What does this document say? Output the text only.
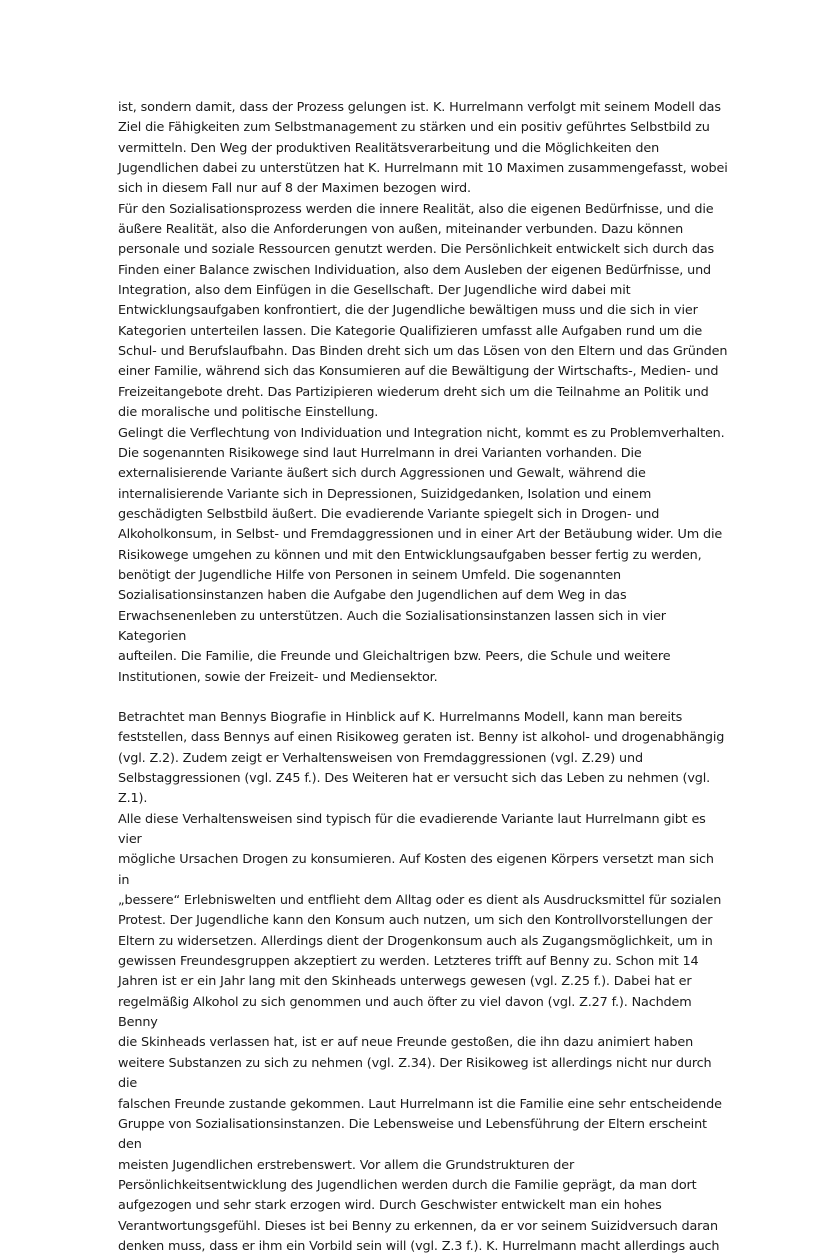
ist, sondern damit, dass der Prozess gelungen ist. K. Hurrelmann verfolgt mit seinem Modell das
Ziel die Fähigkeiten zum Selbstmanagement zu stärken und ein positiv geführtes Selbstbild zu
vermitteln. Den Weg der produktiven Realitätsverarbeitung und die Möglichkeiten den
Jugendlichen dabei zu unterstützen hat K. Hurrelmann mit 10 Maximen zusammengefasst, wobei
sich in diesem Fall nur auf 8 der Maximen bezogen wird.

Für den Sozialisationsprozess werden die innere Realität, also die eigenen Bedürfnisse, und die
äußere Realität, also die Anforderungen von außen, miteinander verbunden. Dazu können
personale und soziale Ressourcen genutzt werden. Die Persönlichkeit entwickelt sich durch das
Finden einer Balance zwischen Individuation, also dem Ausleben der eigenen Bedürfnisse, und
Integration, also dem Einfügen in die Gesellschaft. Der Jugendliche wird dabei mit
Entwicklungsaufgaben konfrontiert, die der Jugendliche bewältigen muss und die sich in vier
Kategorien unterteilen lassen. Die Kategorie Qualifizieren umfasst alle Aufgaben rund um die
Schul- und Berufslaufbahn. Das Binden dreht sich um das Lösen von den Eltern und das Gründen
einer Familie, während sich das Konsumieren auf die Bewältigung der Wirtschafts-, Medien- und
Freizeitangebote dreht. Das Partizipieren wiederum dreht sich um die Teilnahme an Politik und
die moralische und politische Einstellung.

Gelingt die Verflechtung von Individuation und Integration nicht, kommt es zu Problemverhalten.
Die sogenannten Risikowege sind laut Hurrelmann in drei Varianten vorhanden. Die
externalisierende Variante äußert sich durch Aggressionen und Gewalt, während die
internalisierende Variante sich in Depressionen, Suizidgedanken, Isolation und einem
geschädigten Selbstbild äußert. Die evadierende Variante spiegelt sich in Drogen- und
Alkoholkonsum, in Selbst- und Fremdaggressionen und in einer Art der Betäubung wider. Um die
Risikowege umgehen zu können und mit den Entwicklungsaufgaben besser fertig zu werden,
benötigt der Jugendliche Hilfe von Personen in seinem Umfeld. Die sogenannten
Sozialisationsinstanzen haben die Aufgabe den Jugendlichen auf dem Weg in das
Erwachsenenleben zu unterstützen. Auch die Sozialisationsinstanzen lassen sich in vier Kategorien
aufteilen. Die Familie, die Freunde und Gleichaltrigen bzw. Peers, die Schule und weitere
Institutionen, sowie der Freizeit- und Mediensektor.

Betrachtet man Bennys Biografie in Hinblick auf K. Hurrelmanns Modell, kann man bereits
feststellen, dass Bennys auf einen Risikoweg geraten ist. Benny ist alkohol- und drogenabhängig
(vgl. Z.2). Zudem zeigt er Verhaltensweisen von Fremdaggressionen (vgl. Z.29) und
Selbstaggressionen (vgl. Z45 f.). Des Weiteren hat er versucht sich das Leben zu nehmen (vgl. Z.1).
Alle diese Verhaltensweisen sind typisch für die evadierende Variante laut Hurrelmann gibt es vier
mögliche Ursachen Drogen zu konsumieren. Auf Kosten des eigenen Körpers versetzt man sich in
„bessere“ Erlebniswelten und entflieht dem Alltag oder es dient als Ausdrucksmittel für sozialen
Protest. Der Jugendliche kann den Konsum auch nutzen, um sich den Kontrollvorstellungen der
Eltern zu widersetzen. Allerdings dient der Drogenkonsum auch als Zugangsmöglichkeit, um in
gewissen Freundesgruppen akzeptiert zu werden. Letzteres trifft auf Benny zu. Schon mit 14
Jahren ist er ein Jahr lang mit den Skinheads unterwegs gewesen (vgl. Z.25 f.). Dabei hat er
regelmäßig Alkohol zu sich genommen und auch öfter zu viel davon (vgl. Z.27 f.). Nachdem Benny
die Skinheads verlassen hat, ist er auf neue Freunde gestoßen, die ihn dazu animiert haben
weitere Substanzen zu sich zu nehmen (vgl. Z.34). Der Risikoweg ist allerdings nicht nur durch die
falschen Freunde zustande gekommen. Laut Hurrelmann ist die Familie eine sehr entscheidende
Gruppe von Sozialisationsinstanzen. Die Lebensweise und Lebensführung der Eltern erscheint den
meisten Jugendlichen erstrebenswert. Vor allem die Grundstrukturen der
Persönlichkeitsentwicklung des Jugendlichen werden durch die Familie geprägt, da man dort
aufgezogen und sehr stark erzogen wird. Durch Geschwister entwickelt man ein hohes
Verantwortungsgefühl. Dieses ist bei Benny zu erkennen, da er vor seinem Suizidversuch daran
denken muss, dass er ihm ein Vorbild sein will (vgl. Z.3 f.). K. Hurrelmann macht allerdings auch
